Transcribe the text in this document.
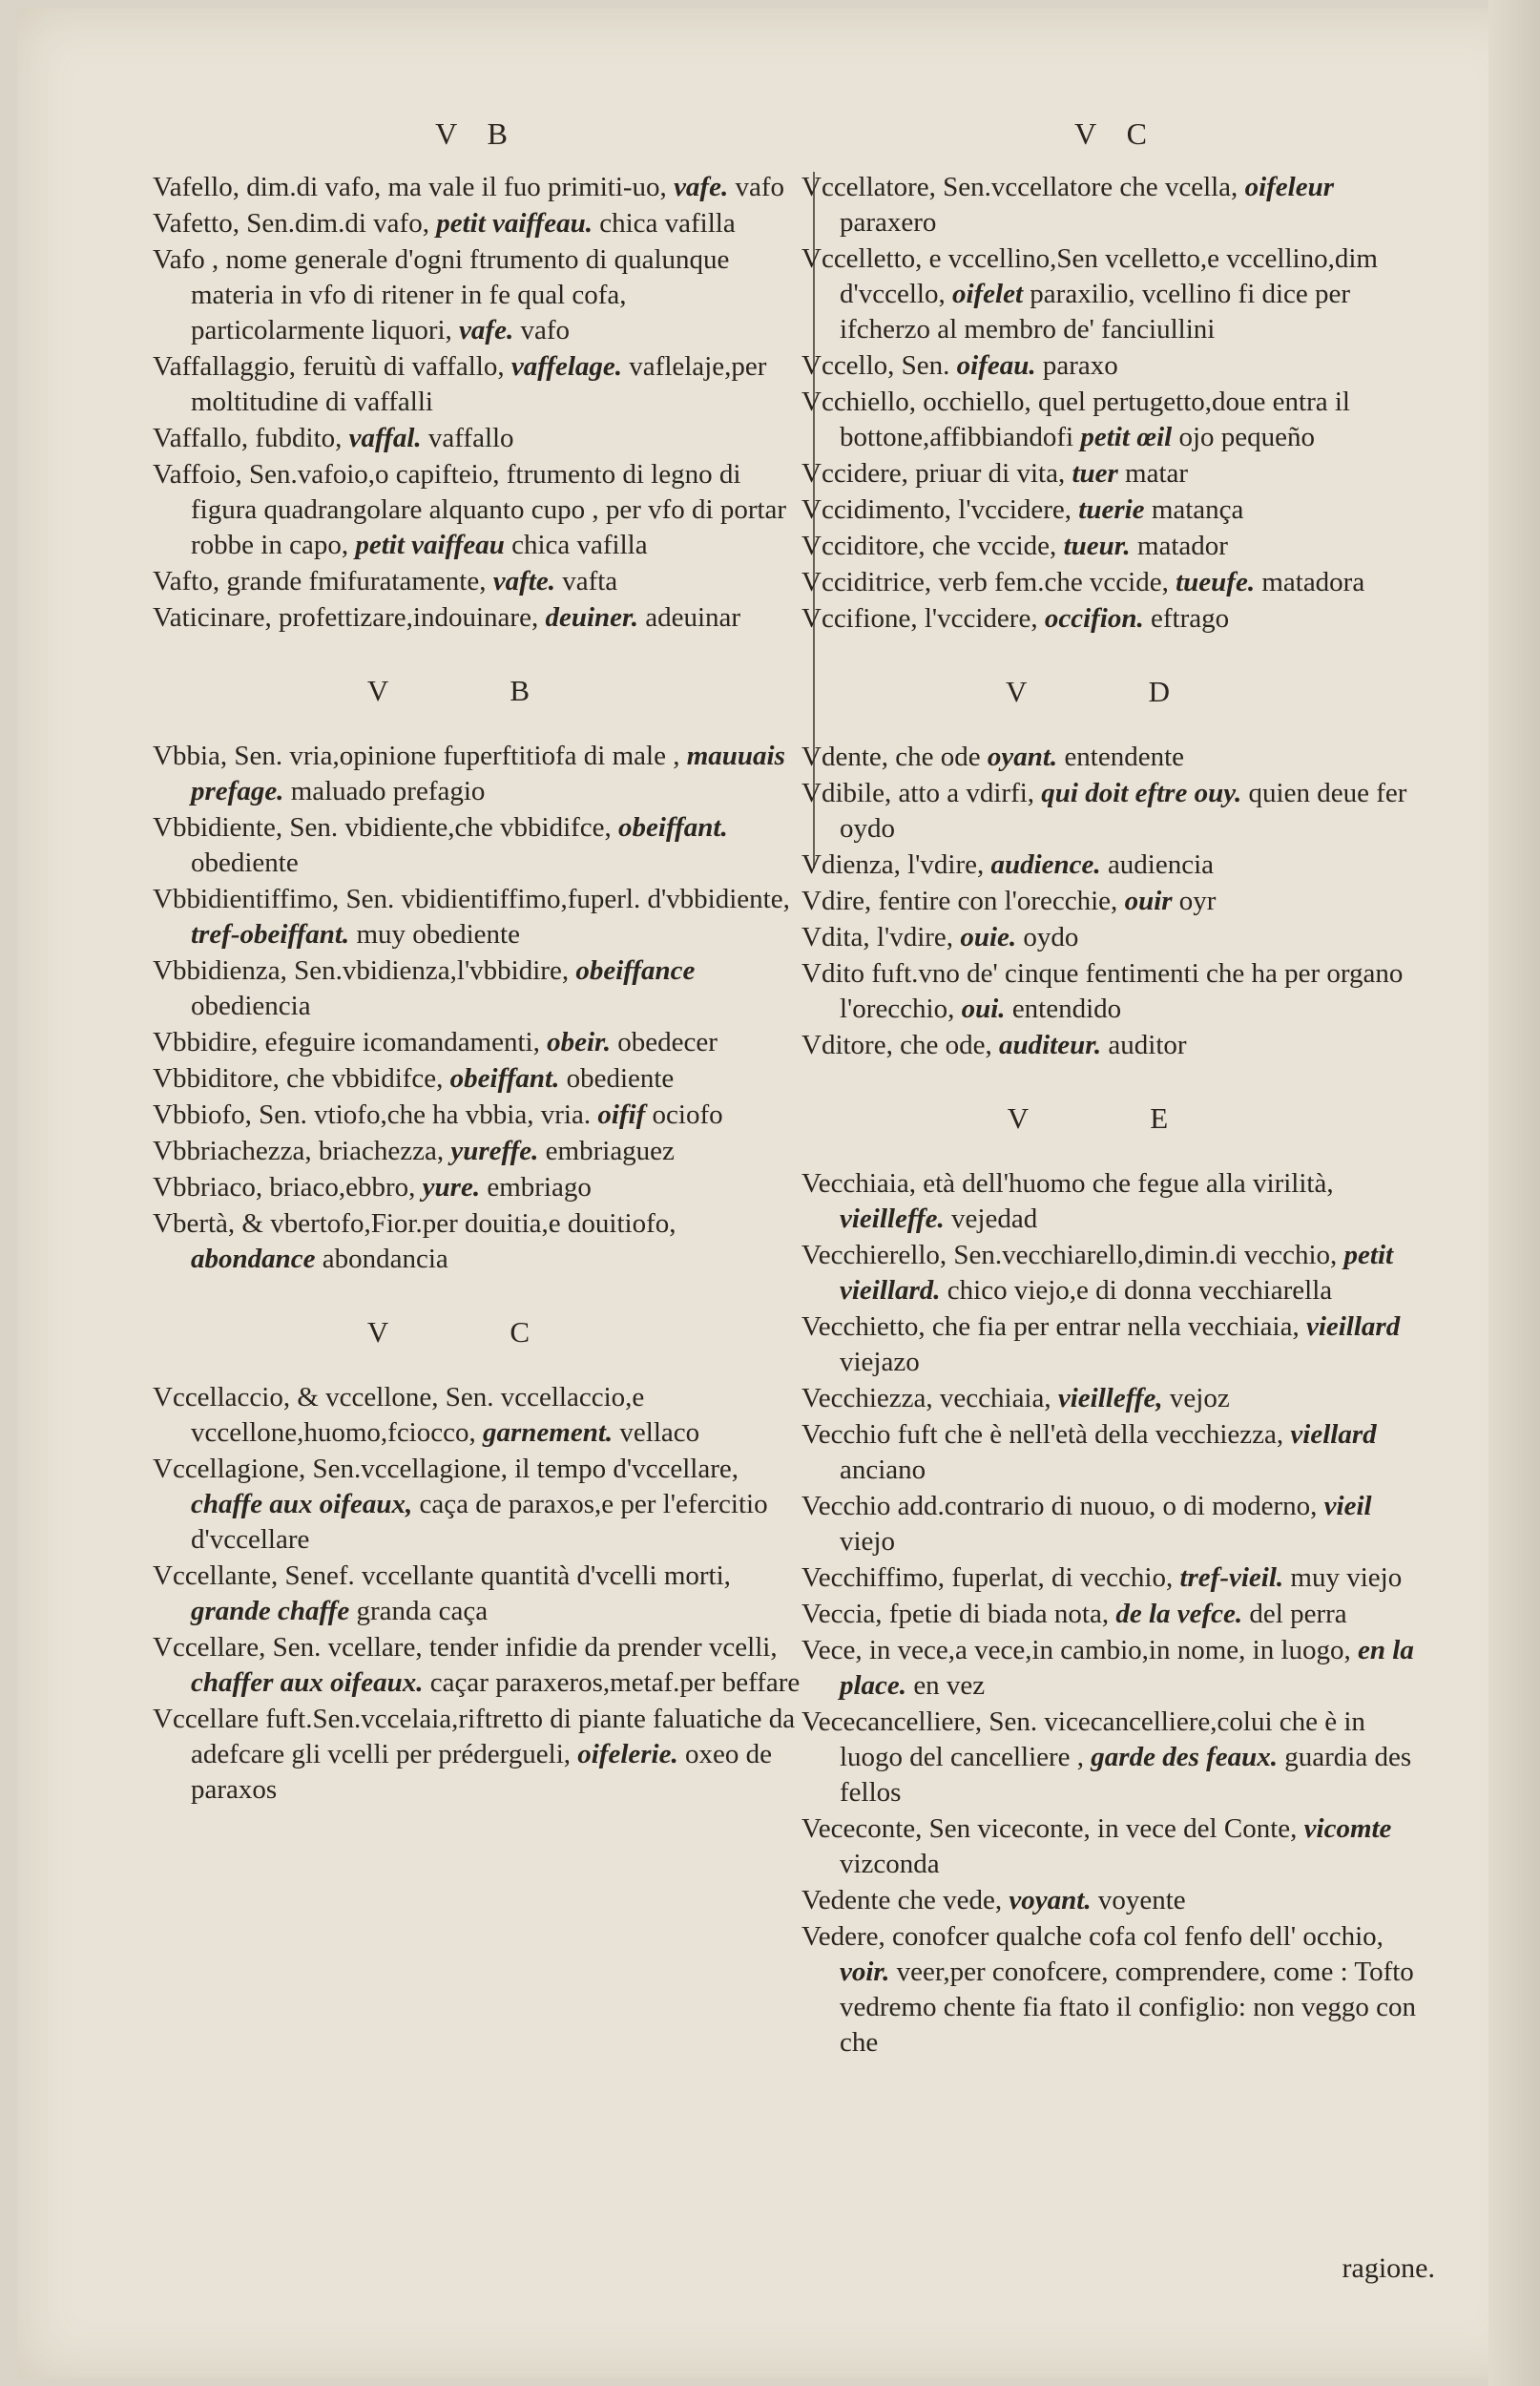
V B
Vafello, dim.di vafo, ma vale il fuo primiti-uo, vafe. vafo
Vafetto, Sen.dim.di vafo, petit vaiffeau. chica vafilla
Vafo , nome generale d'ogni ftrumento di qualunque materia in vfo di ritener in fe qual cofa, particolarmente liquori, vafe. vafo
Vaffallaggio, feruitù di vaffallo, vaffelage. vaflelaje,per moltitudine di vaffalli
Vaffallo, fubdito, vaffal. vaffallo
Vaffoio, Sen.vafoio,o capifteio, ftrumento di legno di figura quadrangolare alquanto cupo , per vfo di portar robbe in capo, petit vaiffeau chica vafilla
Vafto, grande fmifuratamente, vafte. vafta
Vaticinare, profettizare,indouinare, deuiner. adeuinar
V B
Vbbia, Sen. vria,opinione fuperftitiofa di male , mauuais prefage. maluado prefagio
Vbbidiente, Sen. vbidiente,che vbbidifce, obeiffant. obediente
Vbbidientiffimo, Sen. vbidientiffimo,fuperl. d'vbbidiente, tref-obeiffant. muy obediente
Vbbidienza, Sen.vbidienza,l'vbbidire, obeiffance obediencia
Vbbidire, efeguire icomandamenti, obeir. obedecer
Vbbiditore, che vbbidifce, obeiffant. obediente
Vbbiofo, Sen. vtiofo,che ha vbbia, vria. oifif ociofo
Vbbriachezza, briachezza, yureffe. embriaguez
Vbbriaco, briaco,ebbro, yure. embriago
Vbertà, & vbertofo,Fior.per douitia,e douitiofo, abondance abondancia
V C
Vccellaccio, & vccellone, Sen. vccellaccio,e vccellone,huomo,fciocco, garnement. vellaco
Vccellagione, Sen.vccellagione, il tempo d'vccellare, chaffe aux oifeaux, caça de paraxos,e per l'efercitio d'vccellare
Vccellante, Senef. vccellante quantità d'vcelli morti, grande chaffe granda caça
Vccellare, Sen. vcellare, tender infidie da prender vcelli, chaffer aux oifeaux. caçar paraxeros,metaf.per beffare
Vccellare fuft.Sen.vccelaia,riftretto di piante faluatiche da adefcare gli vcelli per prédergueli, oifelerie. oxeo de paraxos
V C
Vccellatore, Sen.vccellatore che vcella, oifeleur paraxero
Vccelletto, e vccellino,Sen vcelletto,e vccellino,dim d'vccello, oifelet paraxilio, vcellino fi dice per ifcherzo al membro de' fanciullini
Vccello, Sen. oifeau. paraxo
Vcchiello, occhiello, quel pertugetto,doue entra il bottone,affibbiandofi petit œil ojo pequeño
Vccidere, priuar di vita, tuer matar
Vccidimento, l'vccidere, tuerie matança
Vcciditore, che vccide, tueur. matador
Vcciditrice, verb fem.che vccide, tueufe. matadora
Vccifione, l'vccidere, occifion. eftrago
V D
Vdente, che ode oyant. entendente
Vdibile, atto a vdirfi, qui doit eftre ouy. quien deue fer oydo
Vdienza, l'vdire, audience. audiencia
Vdire, fentire con l'orecchie, ouir oyr
Vdita, l'vdire, ouie. oydo
Vdito fuft.vno de' cinque fentimenti che ha per organo l'orecchio, oui. entendido
Vditore, che ode, auditeur. auditor
V E
Vecchiaia, età dell'huomo che fegue alla virilità, vieilleffe. vejedad
Vecchierello, Sen.vecchiarello,dimin.di vecchio, petit vieillard. chico viejo,e di donna vecchiarella
Vecchietto, che fia per entrar nella vecchiaia, vieillard viejazo
Vecchiezza, vecchiaia, vieilleffe, vejoz
Vecchio fuft che è nell'età della vecchiezza, viellard anciano
Vecchio add.contrario di nuouo, o di moderno, vieil viejo
Vecchiffimo, fuperlat, di vecchio, tref-vieil. muy viejo
Veccia, fpetie di biada nota, de la vefce. del perra
Vece, in vece,a vece,in cambio,in nome, in luogo, en la place. en vez
Vececancelliere, Sen. vicecancelliere,colui che è in luogo del cancelliere , garde des feaux. guardia des fellos
Vececonte, Sen viceconte, in vece del Conte, vicomte vizconda
Vedente che vede, voyant. voyente
Vedere, conofcer qualche cofa col fenfo dell' occhio, voir. veer,per conofcere, comprendere, come : Tofto vedremo chente fia ftato il configlio: non veggo con che
ragione.
